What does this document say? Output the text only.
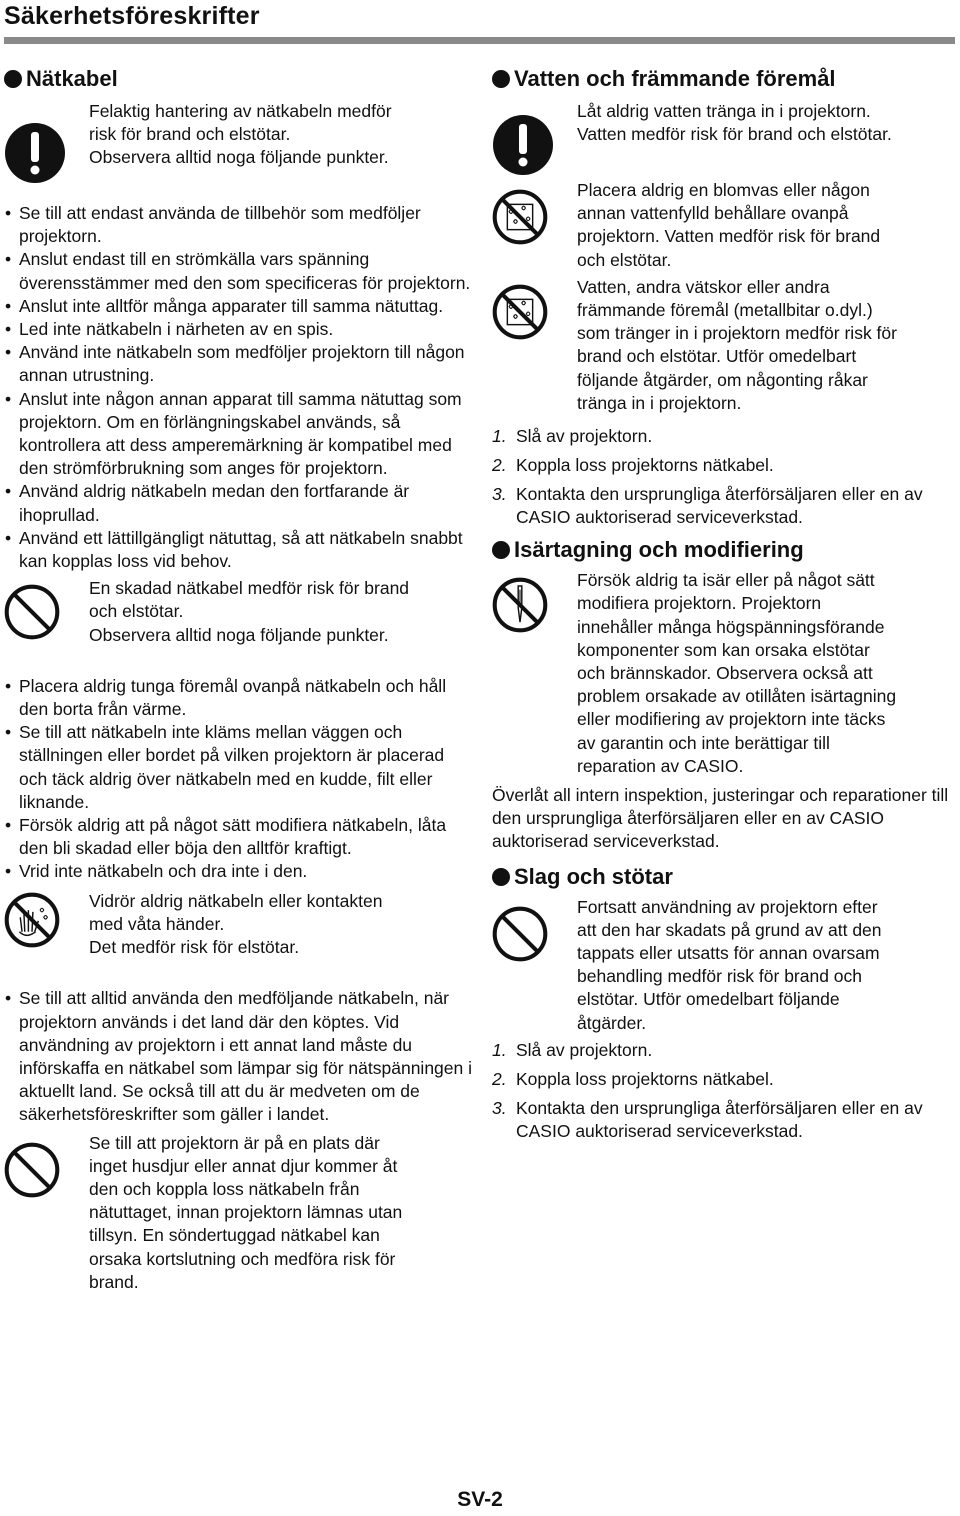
Säkerhetsföreskrifter
Nätkabel
Felaktig hantering av nätkabeln medför
risk för brand och elstötar.
Observera alltid noga följande punkter.
• Se till att endast använda de tillbehör som medföljer projektorn.
• Anslut endast till en strömkälla vars spänning överensstämmer med den som specificeras för projektorn.
• Anslut inte alltför många apparater till samma nätuttag.
• Led inte nätkabeln i närheten av en spis.
• Använd inte nätkabeln som medföljer projektorn till någon annan utrustning.
• Anslut inte någon annan apparat till samma nätuttag som projektorn. Om en förlängningskabel används, så kontrollera att dess amperemärkning är kompatibel med den strömförbrukning som anges för projektorn.
• Använd aldrig nätkabeln medan den fortfarande är ihoprullad.
• Använd ett lättillgängligt nätuttag, så att nätkabeln snabbt kan kopplas loss vid behov.
En skadad nätkabel medför risk för brand
och elstötar.
Observera alltid noga följande punkter.
• Placera aldrig tunga föremål ovanpå nätkabeln och håll den borta från värme.
• Se till att nätkabeln inte kläms mellan väggen och ställningen eller bordet på vilken projektorn är placerad och täck aldrig över nätkabeln med en kudde, filt eller liknande.
• Försök aldrig att på något sätt modifiera nätkabeln, låta den bli skadad eller böja den alltför kraftigt.
• Vrid inte nätkabeln och dra inte i den.
Vidrör aldrig nätkabeln eller kontakten
med våta händer.
Det medför risk för elstötar.
• Se till att alltid använda den medföljande nätkabeln, när projektorn används i det land där den köptes. Vid användning av projektorn i ett annat land måste du införskaffa en nätkabel som lämpar sig för nätspänningen i aktuellt land. Se också till att du är medveten om de säkerhetsföreskrifter som gäller i landet.
Se till att projektorn är på en plats där
inget husdjur eller annat djur kommer åt
den och koppla loss nätkabeln från
nätuttaget, innan projektorn lämnas utan
tillsyn. En söndertuggad nätkabel kan
orsaka kortslutning och medföra risk för
brand.
Vatten och främmande föremål
Låt aldrig vatten tränga in i projektorn.
Vatten medför risk för brand och elstötar.
Placera aldrig en blomvas eller någon
annan vattenfylld behållare ovanpå
projektorn. Vatten medför risk för brand
och elstötar.
Vatten, andra vätskor eller andra
främmande föremål (metallbitar o.dyl.)
som tränger in i projektorn medför risk för
brand och elstötar. Utför omedelbart
följande åtgärder, om någonting råkar
tränga in i projektorn.
1. Slå av projektorn.
2. Koppla loss projektorns nätkabel.
3. Kontakta den ursprungliga återförsäljaren eller en av CASIO auktoriserad serviceverkstad.
Isärtagning och modifiering
Försök aldrig ta isär eller på något sätt
modifiera projektorn. Projektorn
innehåller många högspänningsförande
komponenter som kan orsaka elstötar
och brännskador. Observera också att
problem orsakade av otillåten isärtagning
eller modifiering av projektorn inte täcks
av garantin och inte berättigar till
reparation av CASIO.

Överlåt all intern inspektion, justeringar och reparationer till den ursprungliga återförsäljaren eller en av CASIO auktoriserad serviceverkstad.

Slag och stötar
Fortsatt användning av projektorn efter
att den har skadats på grund av att den
tappats eller utsatts för annan ovarsam
behandling medför risk för brand och
elstötar. Utför omedelbart följande
åtgärder.
1. Slå av projektorn.
2. Koppla loss projektorns nätkabel.
3. Kontakta den ursprungliga återförsäljaren eller en av CASIO auktoriserad serviceverkstad.
SV-2
